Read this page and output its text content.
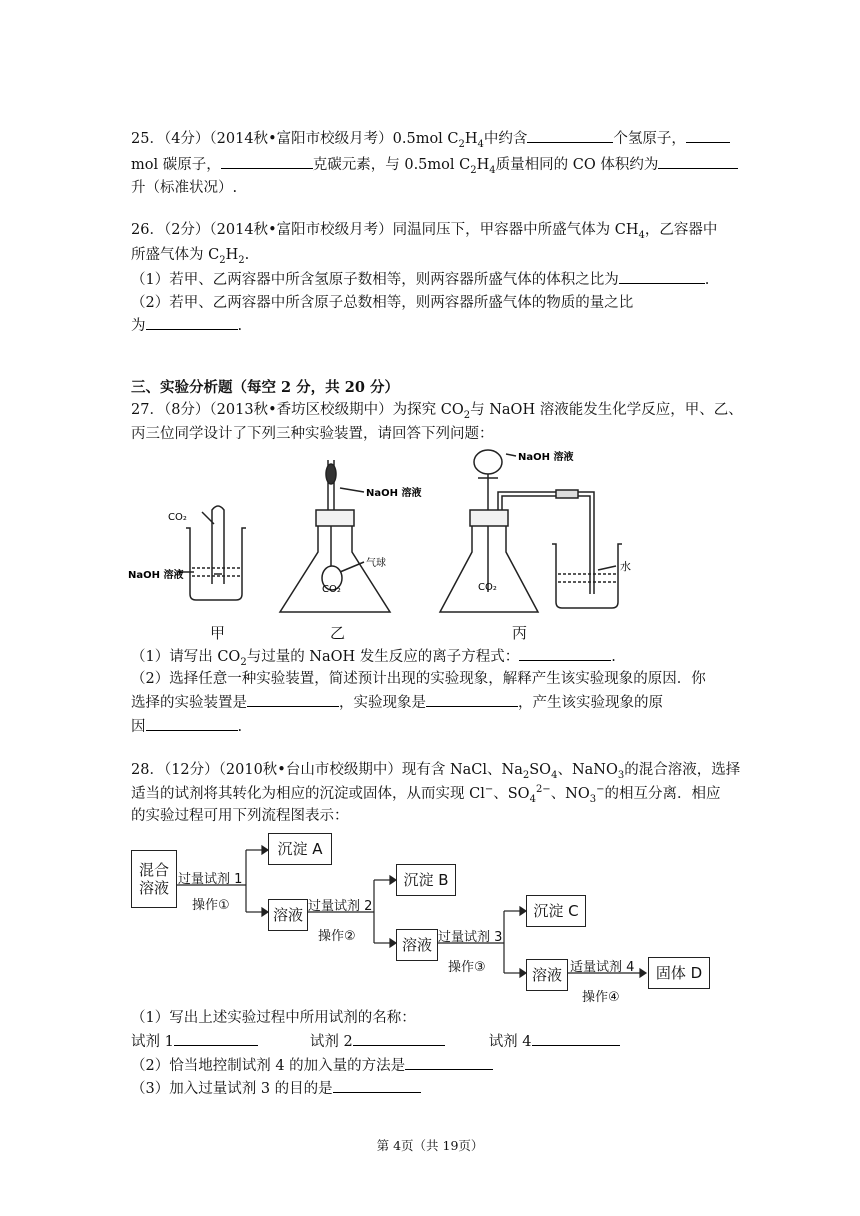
25．（4分）（2014秋•富阳市校级月考）0.5mol $C_2H_4$中约含	个氢原子，
mol 碳原子，	克碳元素，与 0.5mol $C_2H_4$质量相同的 CO 体积约为
升（标准状况）.
26．（2分）（2014秋•富阳市校级月考）同温同压下，甲容器中所盛气体为 $CH_4$，乙容器中
所盛气体为 $C_2H_2$.
（1）若甲、乙两容器中所含氢原子数相等，则两容器所盛气体的体积之比为	.
（2）若甲、乙两容器中所含原子总数相等，则两容器所盛气体的物质的量之比
为	.
三、实验分析题（每空 2 分，共 20 分）
27．（8分）（2013秋•香坊区校级期中）为探究 $CO_2$与 NaOH 溶液能发生化学反应，甲、乙、
丙三位同学设计了下列三种实验装置，请回答下列问题：
CO₂
NaOH 溶液
NaOH 溶液
气球
CO₂
NaOH 溶液
CO₂
水
甲	乙	丙
（1）请写出 $CO_2$与过量的 NaOH 发生反应的离子方程式：	.
（2）选择任意一种实验装置，简述预计出现的实验现象，解释产生该实验现象的原因．你
选择的实验装置是	，实验现象是	，产生该实验现象的原
因	.
28．（12分）（2010秋•台山市校级期中）现有含 NaCl、$Na_2SO_4$、NaNO$_3$的混合溶液，选择
适当的试剂将其转化为相应的沉淀或固体，从而实现 Cl−、$SO_4^{2-}$、$NO_3^-$的相互分离．相应
的实验过程可用下列流程图表示：
混合溶液
沉淀 A
溶液
沉淀 B
溶液
沉淀 C
溶液	固体 D
过量试剂 1
操作①	过量试剂 2
操作②	过量试剂 3
操作③	适量试剂 4
操作④
（1）写出上述实验过程中所用试剂的名称：
试剂 1	试剂 2	试剂 4
（2）恰当地控制试剂 4 的加入量的方法是
（3）加入过量试剂 3 的目的是
第 4页（共 19页）
